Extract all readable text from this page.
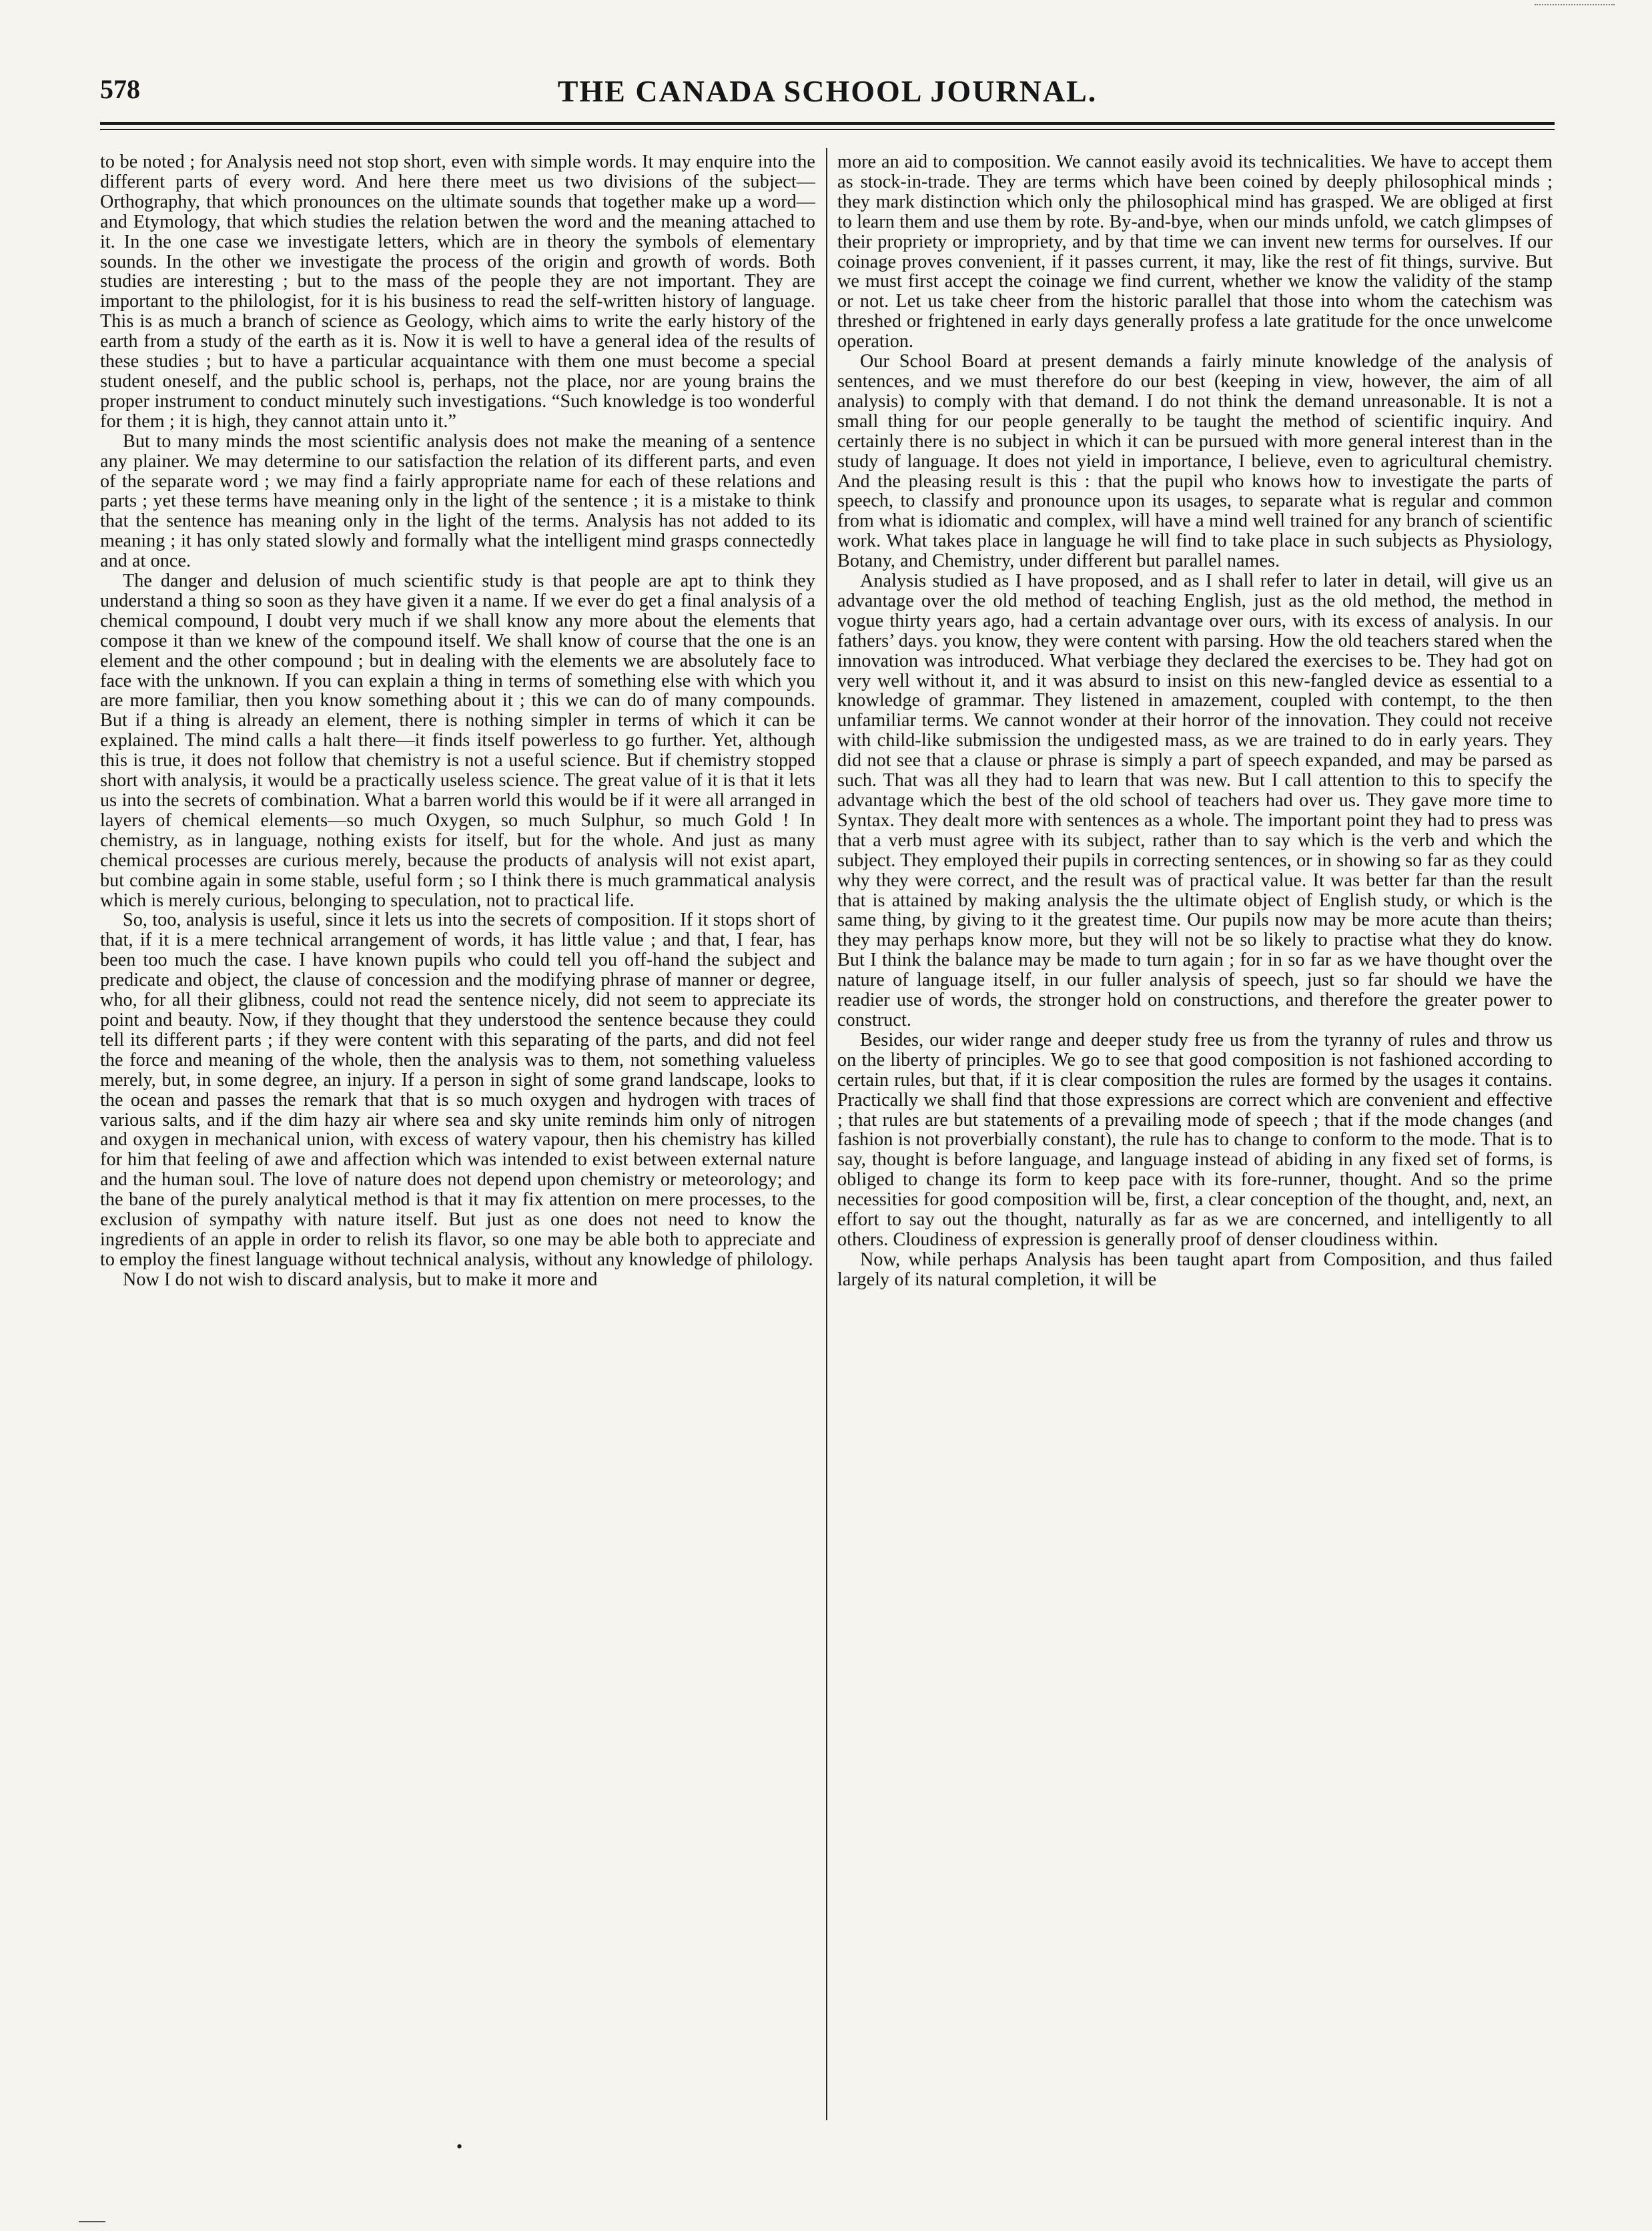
578	THE CANADA SCHOOL JOURNAL.

to be noted ; for Analysis need not stop short, even with simple words. It may enquire into the different parts of every word. And here there meet us two divisions of the subject—Orthography, that which pronounces on the ultimate sounds that together make up a word—and Etymology, that which studies the relation betwen the word and the meaning attached to it. In the one case we investigate letters, which are in theory the symbols of elementary sounds. In the other we investigate the process of the origin and growth of words. Both studies are interesting ; but to the mass of the people they are not important. They are important to the philologist, for it is his business to read the self-written history of language. This is as much a branch of science as Geology, which aims to write the early history of the earth from a study of the earth as it is. Now it is well to have a general idea of the results of these studies ; but to have a particular acquaintance with them one must become a special student oneself, and the public school is, perhaps, not the place, nor are young brains the proper instrument to conduct minutely such investigations. “Such knowledge is too wonderful for them ; it is high, they cannot attain unto it.”

But to many minds the most scientific analysis does not make the meaning of a sentence any plainer. We may determine to our satisfaction the relation of its different parts, and even of the separate word ; we may find a fairly appropriate name for each of these relations and parts ; yet these terms have meaning only in the light of the sentence ; it is a mistake to think that the sentence has meaning only in the light of the terms. Analysis has not added to its meaning ; it has only stated slowly and formally what the intelligent mind grasps connectedly and at once.

The danger and delusion of much scientific study is that people are apt to think they understand a thing so soon as they have given it a name. If we ever do get a final analysis of a chemical compound, I doubt very much if we shall know any more about the elements that compose it than we knew of the compound itself. We shall know of course that the one is an element and the other compound ; but in dealing with the elements we are absolutely face to face with the unknown. If you can explain a thing in terms of something else with which you are more familiar, then you know something about it ; this we can do of many compounds. But if a thing is already an element, there is nothing simpler in terms of which it can be explained. The mind calls a halt there—it finds itself powerless to go further. Yet, although this is true, it does not follow that chemistry is not a useful science. But if chemistry stopped short with analysis, it would be a practically useless science. The great value of it is that it lets us into the secrets of combination. What a barren world this would be if it were all arranged in layers of chemical elements—so much Oxygen, so much Sulphur, so much Gold ! In chemistry, as in language, nothing exists for itself, but for the whole. And just as many chemical processes are curious merely, because the products of analysis will not exist apart, but combine again in some stable, useful form ; so I think there is much grammatical analysis which is merely curious, belonging to speculation, not to practical life.

So, too, analysis is useful, since it lets us into the secrets of composition. If it stops short of that, if it is a mere technical arrangement of words, it has little value ; and that, I fear, has been too much the case. I have known pupils who could tell you off-hand the subject and predicate and object, the clause of concession and the modifying phrase of manner or degree, who, for all their glibness, could not read the sentence nicely, did not seem to appreciate its point and beauty. Now, if they thought that they understood the sentence because they could tell its different parts ; if they were content with this separating of the parts, and did not feel the force and meaning of the whole, then the analysis was to them, not something valueless merely, but, in some degree, an injury. If a person in sight of some grand landscape, looks to the ocean and passes the remark that that is so much oxygen and hydrogen with traces of various salts, and if the dim hazy air where sea and sky unite reminds him only of nitrogen and oxygen in mechanical union, with excess of watery vapour, then his chemistry has killed for him that feeling of awe and affection which was intended to exist between external nature and the human soul. The love of nature does not depend upon chemistry or meteorology; and the bane of the purely analytical method is that it may fix attention on mere processes, to the exclusion of sympathy with nature itself. But just as one does not need to know the ingredients of an apple in order to relish its flavor, so one may be able both to appreciate and to employ the finest language without technical analysis, without any knowledge of philology.

Now I do not wish to discard analysis, but to make it more and

more an aid to composition. We cannot easily avoid its technicalities. We have to accept them as stock-in-trade. They are terms which have been coined by deeply philosophical minds ; they mark distinction which only the philosophical mind has grasped. We are obliged at first to learn them and use them by rote. By-and-bye, when our minds unfold, we catch glimpses of their propriety or impropriety, and by that time we can invent new terms for ourselves. If our coinage proves convenient, if it passes current, it may, like the rest of fit things, survive. But we must first accept the coinage we find current, whether we know the validity of the stamp or not. Let us take cheer from the historic parallel that those into whom the catechism was threshed or frightened in early days generally profess a late gratitude for the once unwelcome operation.

Our School Board at present demands a fairly minute knowledge of the analysis of sentences, and we must therefore do our best (keeping in view, however, the aim of all analysis) to comply with that demand. I do not think the demand unreasonable. It is not a small thing for our people generally to be taught the method of scientific inquiry. And certainly there is no subject in which it can be pursued with more general interest than in the study of language. It does not yield in importance, I believe, even to agricultural chemistry. And the pleasing result is this : that the pupil who knows how to investigate the parts of speech, to classify and pronounce upon its usages, to separate what is regular and common from what is idiomatic and complex, will have a mind well trained for any branch of scientific work. What takes place in language he will find to take place in such subjects as Physiology, Botany, and Chemistry, under different but parallel names.

Analysis studied as I have proposed, and as I shall refer to later in detail, will give us an advantage over the old method of teaching English, just as the old method, the method in vogue thirty years ago, had a certain advantage over ours, with its excess of analysis. In our fathers’ days. you know, they were content with parsing. How the old teachers stared when the innovation was introduced. What verbiage they declared the exercises to be. They had got on very well without it, and it was absurd to insist on this new-fangled device as essential to a knowledge of grammar. They listened in amazement, coupled with contempt, to the then unfamiliar terms. We cannot wonder at their horror of the innovation. They could not receive with child-like submission the undigested mass, as we are trained to do in early years. They did not see that a clause or phrase is simply a part of speech expanded, and may be parsed as such. That was all they had to learn that was new. But I call attention to this to specify the advantage which the best of the old school of teachers had over us. They gave more time to Syntax. They dealt more with sentences as a whole. The important point they had to press was that a verb must agree with its subject, rather than to say which is the verb and which the subject. They employed their pupils in correcting sentences, or in showing so far as they could why they were correct, and the result was of practical value. It was better far than the result that is attained by making analysis the the ultimate object of English study, or which is the same thing, by giving to it the greatest time. Our pupils now may be more acute than theirs; they may perhaps know more, but they will not be so likely to practise what they do know. But I think the balance may be made to turn again ; for in so far as we have thought over the nature of language itself, in our fuller analysis of speech, just so far should we have the readier use of words, the stronger hold on constructions, and therefore the greater power to construct.

Besides, our wider range and deeper study free us from the tyranny of rules and throw us on the liberty of principles. We go to see that good composition is not fashioned according to certain rules, but that, if it is clear composition the rules are formed by the usages it contains. Practically we shall find that those expressions are correct which are convenient and effective ; that rules are but statements of a prevailing mode of speech ; that if the mode changes (and fashion is not proverbially constant), the rule has to change to conform to the mode. That is to say, thought is before language, and language instead of abiding in any fixed set of forms, is obliged to change its form to keep pace with its fore-runner, thought. And so the prime necessities for good composition will be, first, a clear conception of the thought, and, next, an effort to say out the thought, naturally as far as we are concerned, and intelligently to all others. Cloudiness of expression is generally proof of denser cloudiness within.

Now, while perhaps Analysis has been taught apart from Composition, and thus failed largely of its natural completion, it will be

•
